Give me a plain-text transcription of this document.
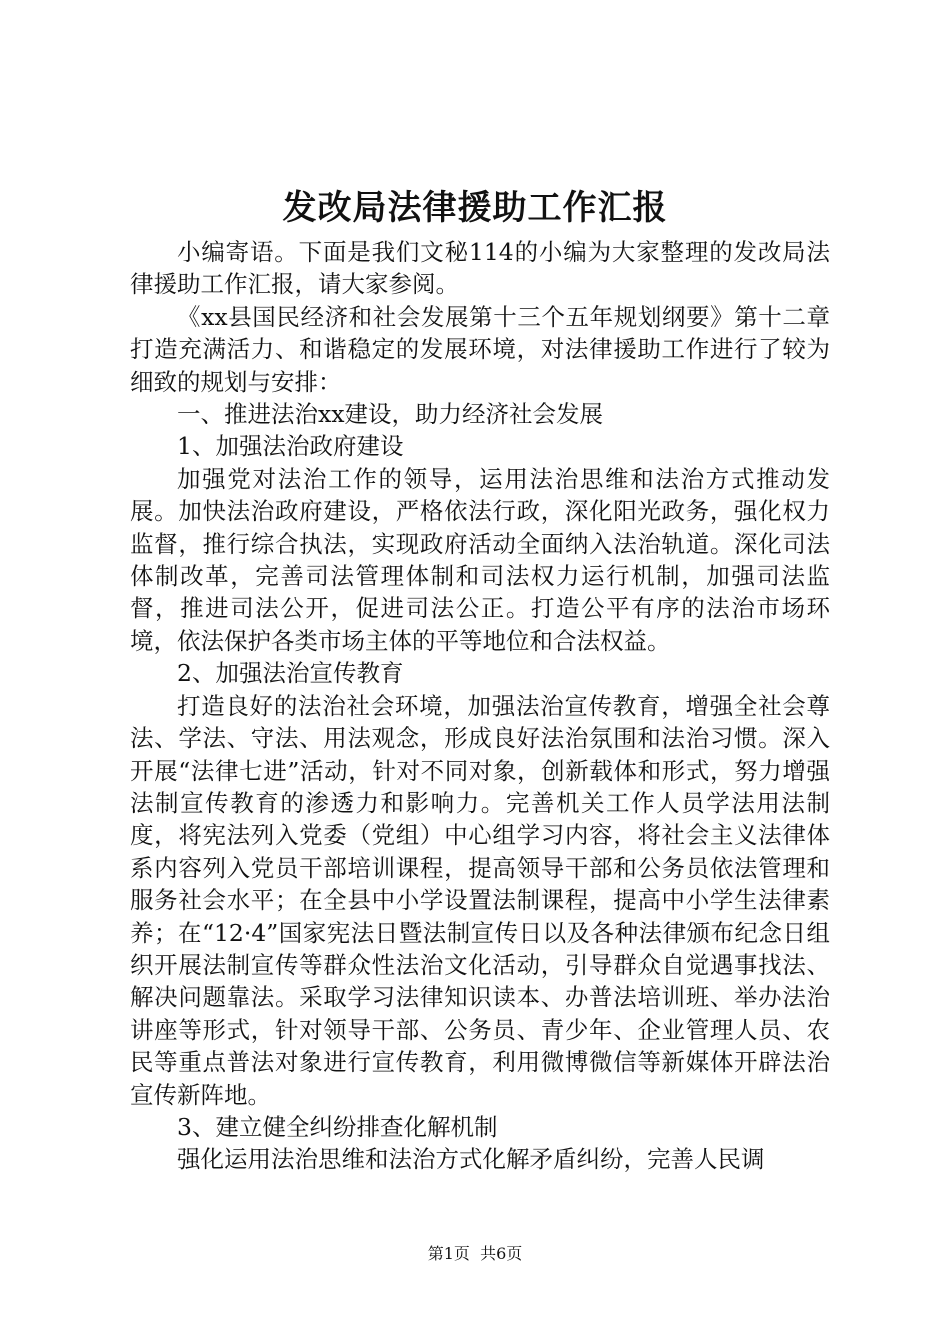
发改局法律援助工作汇报

小编寄语。下面是我们文秘114的小编为大家整理的发改局法律援助工作汇报，请大家参阅。

《xx县国民经济和社会发展第十三个五年规划纲要》第十二章打造充满活力、和谐稳定的发展环境，对法律援助工作进行了较为细致的规划与安排：

一、推进法治xx建设，助力经济社会发展

1、加强法治政府建设

加强党对法治工作的领导，运用法治思维和法治方式推动发展。加快法治政府建设，严格依法行政，深化阳光政务，强化权力监督，推行综合执法，实现政府活动全面纳入法治轨道。深化司法体制改革，完善司法管理体制和司法权力运行机制，加强司法监督，推进司法公开，促进司法公正。打造公平有序的法治市场环境，依法保护各类市场主体的平等地位和合法权益。

2、加强法治宣传教育

打造良好的法治社会环境，加强法治宣传教育，增强全社会尊法、学法、守法、用法观念，形成良好法治氛围和法治习惯。深入开展“法律七进”活动，针对不同对象，创新载体和形式，努力增强法制宣传教育的渗透力和影响力。完善机关工作人员学法用法制度，将宪法列入党委（党组）中心组学习内容，将社会主义法律体系内容列入党员干部培训课程，提高领导干部和公务员依法管理和服务社会水平；在全县中小学设置法制课程，提高中小学生法律素养；在“12·4”国家宪法日暨法制宣传日以及各种法律颁布纪念日组织开展法制宣传等群众性法治文化活动，引导群众自觉遇事找法、解决问题靠法。采取学习法律知识读本、办普法培训班、举办法治讲座等形式，针对领导干部、公务员、青少年、企业管理人员、农民等重点普法对象进行宣传教育，利用微博微信等新媒体开辟法治宣传新阵地。

3、建立健全纠纷排查化解机制

强化运用法治思维和法治方式化解矛盾纠纷，完善人民调

第1页  共6页
